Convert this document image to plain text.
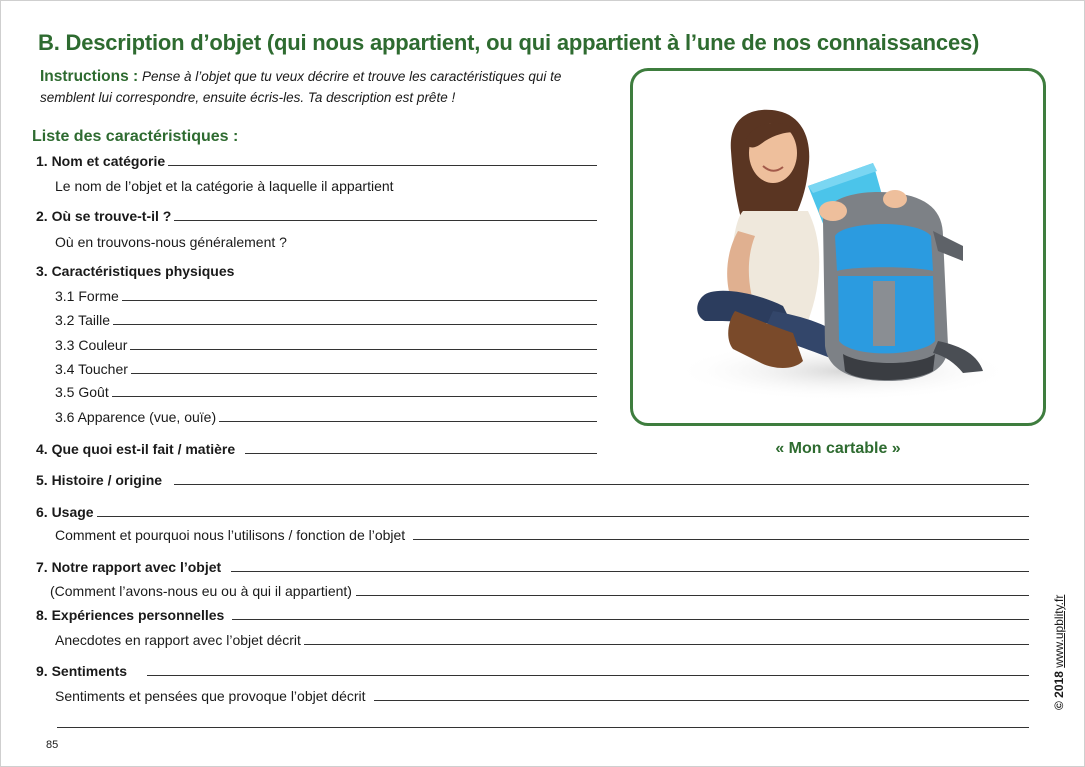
B. Description d’objet (qui nous appartient, ou qui appartient à l’une de nos connaissances)
Instructions : Pense à l’objet que tu veux décrire et trouve les caractéristiques qui te semblent lui correspondre, ensuite écris-les. Ta description est prête !
Liste des caractéristiques :
1. Nom et catégorie
Le nom de l’objet et la catégorie à laquelle il appartient
2. Où se trouve-t-il ?
Où en trouvons-nous généralement ?
3. Caractéristiques physiques
3.1 Forme
3.2 Taille
3.3 Couleur
3.4 Toucher
3.5 Goût
3.6 Apparence (vue, ouïe)
4. Que quoi est-il fait / matière
5. Histoire / origine
6. Usage
Comment et pourquoi nous l’utilisons / fonction de l’objet
7. Notre rapport avec l’objet
(Comment l’avons-nous eu ou à qui il appartient)
8. Expériences personnelles
Anecdotes en rapport avec l’objet décrit
9. Sentiments
Sentiments et pensées que provoque l’objet décrit
« Mon cartable »
85
© 2018 www.upblity.fr
